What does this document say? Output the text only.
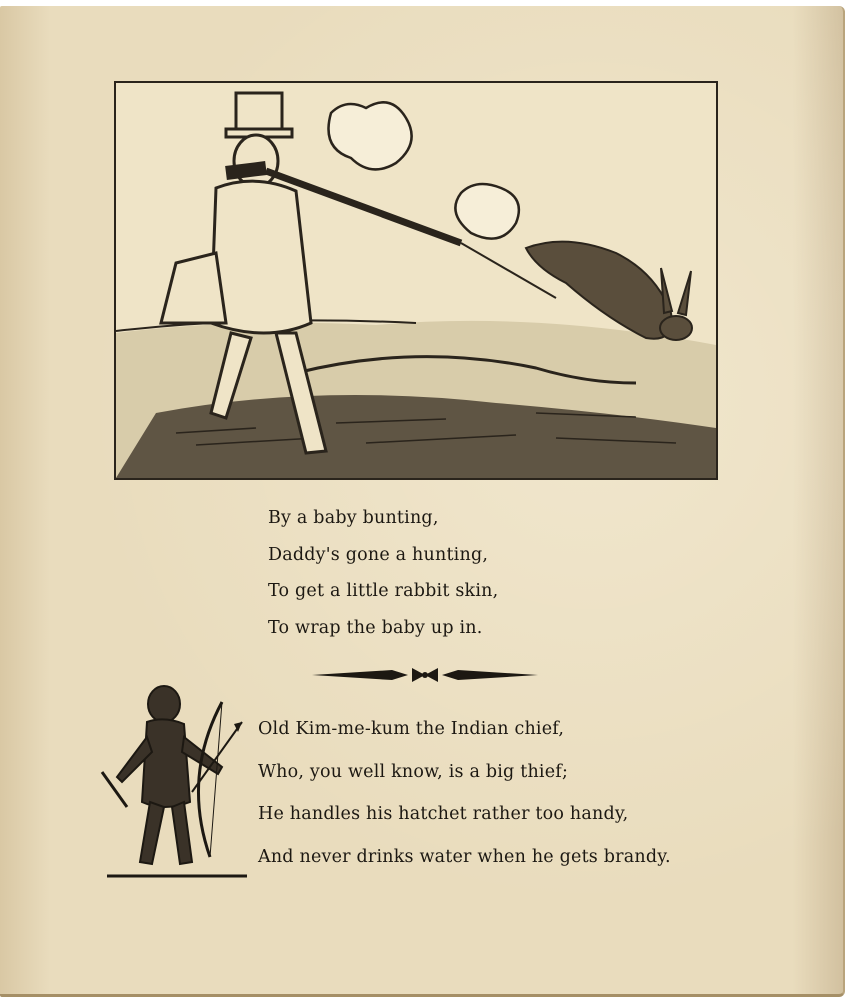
By a baby bunting,
Daddy's gone a hunting,
To get a little rabbit skin,
To wrap the baby up in.
Old Kim-me-kum the Indian chief,
Who, you well know, is a big thief;
He handles his hatchet rather too handy,
And never drinks water when he gets brandy.
